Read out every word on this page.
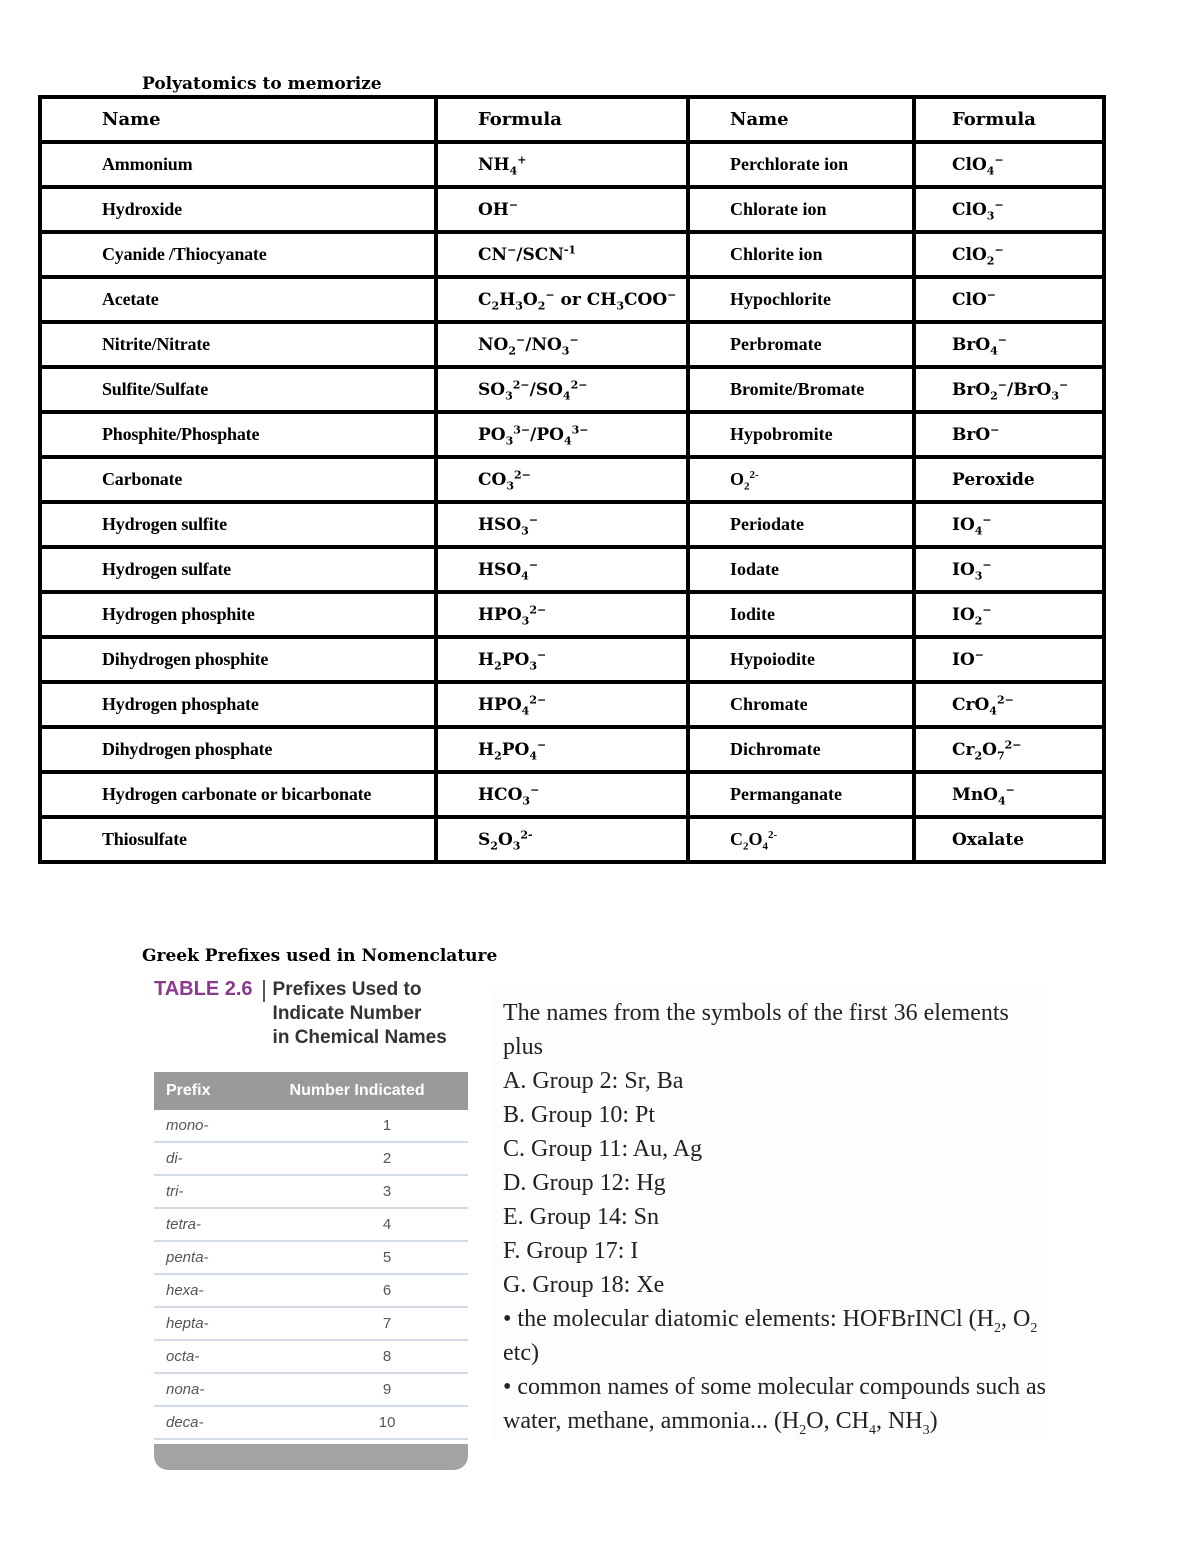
Polyatomics to memorize
Name	Formula	Name	Formula
Ammonium	$NH_4^+$	Perchlorate ion	ClO$_4$−
Hydroxide	OH−	Chlorate ion	ClO$_3$−
Cyanide /Thiocyanate	$CN^-/SCN^{-1}$	Chlorite ion	ClO$_2$−
Acetate	$C_2H_3O_2^-$ or $CH_3COO^-$	Hypochlorite	ClO−
Nitrite/Nitrate	$NO_2^-/NO_3^-$	Perbromate	BrO$_4$−
Sulfite/Sulfate	$SO_3^{2-}/SO_4^{2-}$	Bromite/Bromate	BrO$_2$−/BrO$_3$−
Phosphite/Phosphate	$PO_3^{3-}/PO_4^{3-}$	Hypobromite	BrO−
Carbonate	$CO_3^{2-}$	$O_2^{2-}$	Peroxide
Hydrogen sulfite	$HSO_3^-$	Periodate	$IO_4^-$
Hydrogen sulfate	$HSO_4^-$	Iodate	$IO_3^-$
Hydrogen phosphite	$HPO_3^{2-}$	Iodite	$IO_2^-$
Dihydrogen phosphite	$H_2PO_3^-$	Hypoiodite	IO−
Hydrogen phosphate	$HPO_4^{2-}$	Chromate	CrO$_4^{2-}$
Dihydrogen phosphate	$H_2PO_4^-$	Dichromate	$Cr_2O_7^{2-}$
Hydrogen carbonate or bicarbonate	$HCO_3^-$	Permanganate	MnO$_4$−
Thiosulfate	$S_2O_3^{2-}$	$C_2O_4^{2-}$	Oxalate
Greek Prefixes used in Nomenclature
TABLE 2.6 Prefixes Used to
Indicate Number
in Chemical Names
Prefix	Number Indicated
mono-	1
di-	2
tri-	3
tetra-	4
penta-	5
hexa-	6
hepta-	7
octa-	8
nona-	9
deca-	10
The names from the symbols of the first 36 elements
plus
A. Group 2: Sr, Ba
B. Group 10: Pt
C. Group 11: Au, Ag
D. Group 12: Hg
E. Group 14: Sn
F. Group 17: I
G. Group 18: Xe
• the molecular diatomic elements: HOFBrINCl ($H_2$, $O_2$
etc)
• common names of some molecular compounds such as
water, methane, ammonia... ($H_2O$, $CH_4$, $NH_3$)
